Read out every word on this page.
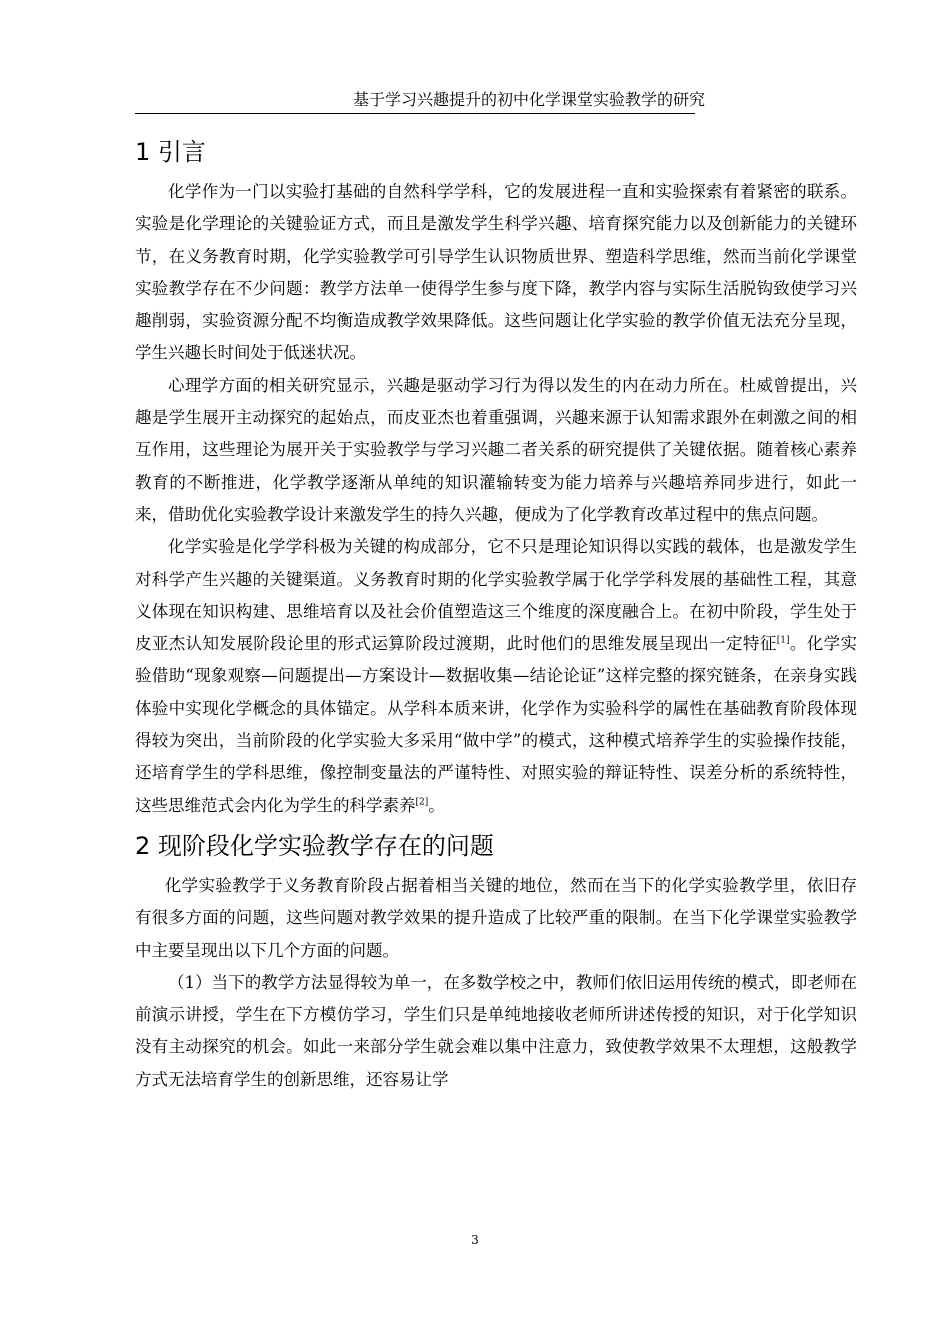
基于学习兴趣提升的初中化学课堂实验教学的研究
1 引言

化学作为一门以实验打基础的自然科学学科，它的发展进程一直和实验探索有着紧密的联系。实验是化学理论的关键验证方式，而且是激发学生科学兴趣、培育探究能力以及创新能力的关键环节，在义务教育时期，化学实验教学可引导学生认识物质世界、塑造科学思维，然而当前化学课堂实验教学存在不少问题：教学方法单一使得学生参与度下降，教学内容与实际生活脱钩致使学习兴趣削弱，实验资源分配不均衡造成教学效果降低。这些问题让化学实验的教学价值无法充分呈现，学生兴趣长时间处于低迷状况。

心理学方面的相关研究显示，兴趣是驱动学习行为得以发生的内在动力所在。杜威曾提出，兴趣是学生展开主动探究的起始点，而皮亚杰也着重强调，兴趣来源于认知需求跟外在刺激之间的相互作用，这些理论为展开关于实验教学与学习兴趣二者关系的研究提供了关键依据。随着核心素养教育的不断推进，化学教学逐渐从单纯的知识灌输转变为能力培养与兴趣培养同步进行，如此一来，借助优化实验教学设计来激发学生的持久兴趣，便成为了化学教育改革过程中的焦点问题。

化学实验是化学学科极为关键的构成部分，它不只是理论知识得以实践的载体，也是激发学生对科学产生兴趣的关键渠道。义务教育时期的化学实验教学属于化学学科发展的基础性工程，其意义体现在知识构建、思维培育以及社会价值塑造这三个维度的深度融合上。在初中阶段，学生处于皮亚杰认知发展阶段论里的形式运算阶段过渡期，此时他们的思维发展呈现出一定特征[1]。化学实验借助“现象观察—问题提出—方案设计—数据收集—结论论证”这样完整的探究链条，在亲身实践体验中实现化学概念的具体锚定。从学科本质来讲，化学作为实验科学的属性在基础教育阶段体现得较为突出，当前阶段的化学实验大多采用“做中学”的模式，这种模式培养学生的实验操作技能，还培育学生的学科思维，像控制变量法的严谨特性、对照实验的辩证特性、误差分析的系统特性，这些思维范式会内化为学生的科学素养[2]。

2 现阶段化学实验教学存在的问题

化学实验教学于义务教育阶段占据着相当关键的地位，然而在当下的化学实验教学里，依旧存有很多方面的问题，这些问题对教学效果的提升造成了比较严重的限制。在当下化学课堂实验教学中主要呈现出以下几个方面的问题。

（1）当下的教学方法显得较为单一，在多数学校之中，教师们依旧运用传统的模式，即老师在前演示讲授，学生在下方模仿学习，学生们只是单纯地接收老师所讲述传授的知识，对于化学知识没有主动探究的机会。如此一来部分学生就会难以集中注意力，致使教学效果不太理想，这般教学方式无法培育学生的创新思维，还容易让学

3
